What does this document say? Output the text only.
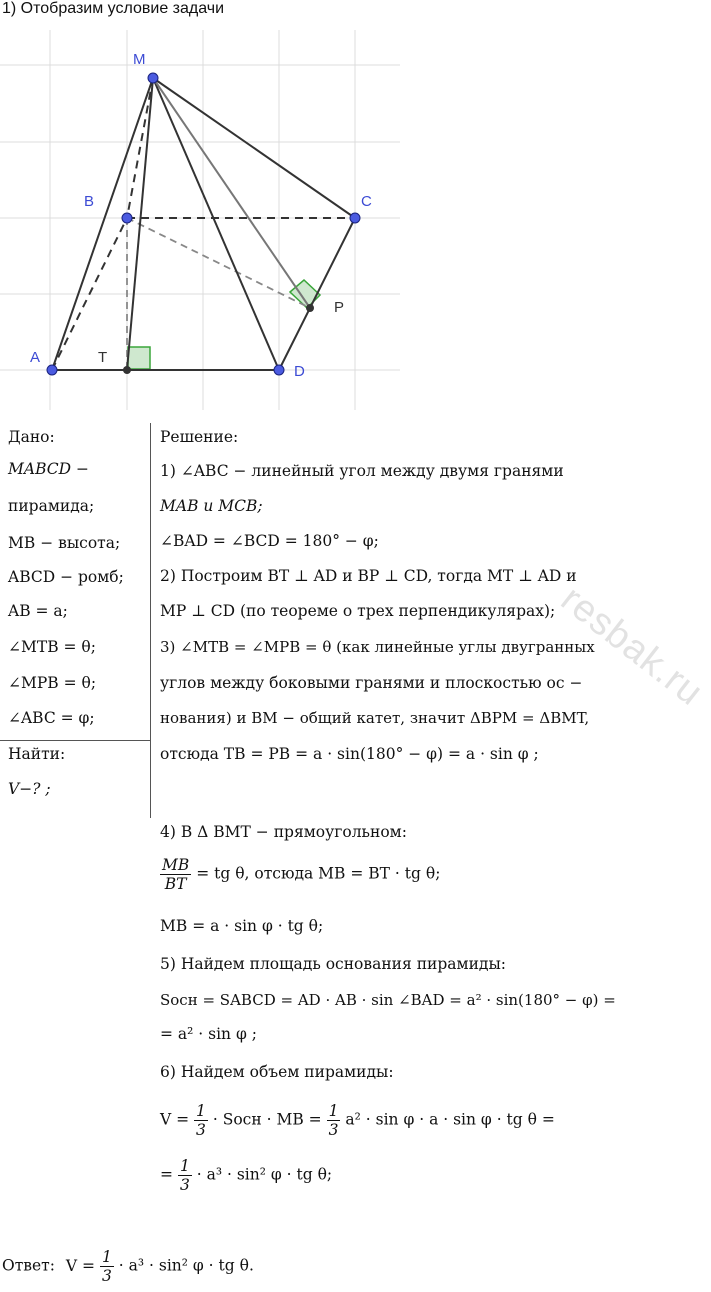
1) Отобразим условие задачи
M
B	C
A	T
D
P
Дано:
MABCD −
пирамида;
MB − высота;
ABCD − ромб;
AB = a;
∠MTB = θ;
∠MPB = θ;
∠ABC = φ;
Найти:
V−? ;
Решение:
1) ∠ABC − линейный угол между двумя гранями
MAB и MCB;
∠BAD = ∠BCD = 180° − φ;
2) Построим BT ⊥ AD и BP ⊥ CD, тогда MT ⊥ AD и
MP ⊥ CD (по теореме о трех перпендикулярах);
3) ∠MTB = ∠MPB = θ (как линейные углы двугранных
углов между боковыми гранями и плоскостью ос −
нования) и BM − общий катет, значит ΔBPM = ΔBMT,
отсюда TB = PB = a · sin(180° − φ) = a · sin φ ;
4) В Δ BMT − прямоугольном:
$\frac{MB}{BT}$ = tg θ, отсюда MB = BT · tg θ;
MB = a · sin φ · tg θ;
5) Найдем площадь основания пирамиды:
Sосн = SABCD = AD · AB · sin ∠BAD = a² · sin(180° − φ) =
= a² · sin φ ;
6) Найдем объем пирамиды:
$V = \frac{1}{3}$ · Sосн · MB = $\frac{1}{3} a^2 \cdot \sin \varphi \cdot a \cdot \sin \varphi$ · tg θ =
= $\frac{1}{3} \cdot a^3 \cdot \sin^2$ φ · tg θ;
Ответ: $V = \frac{1}{3} \cdot a^3 \cdot \sin^2$ φ · tg θ.
resbak.ru
